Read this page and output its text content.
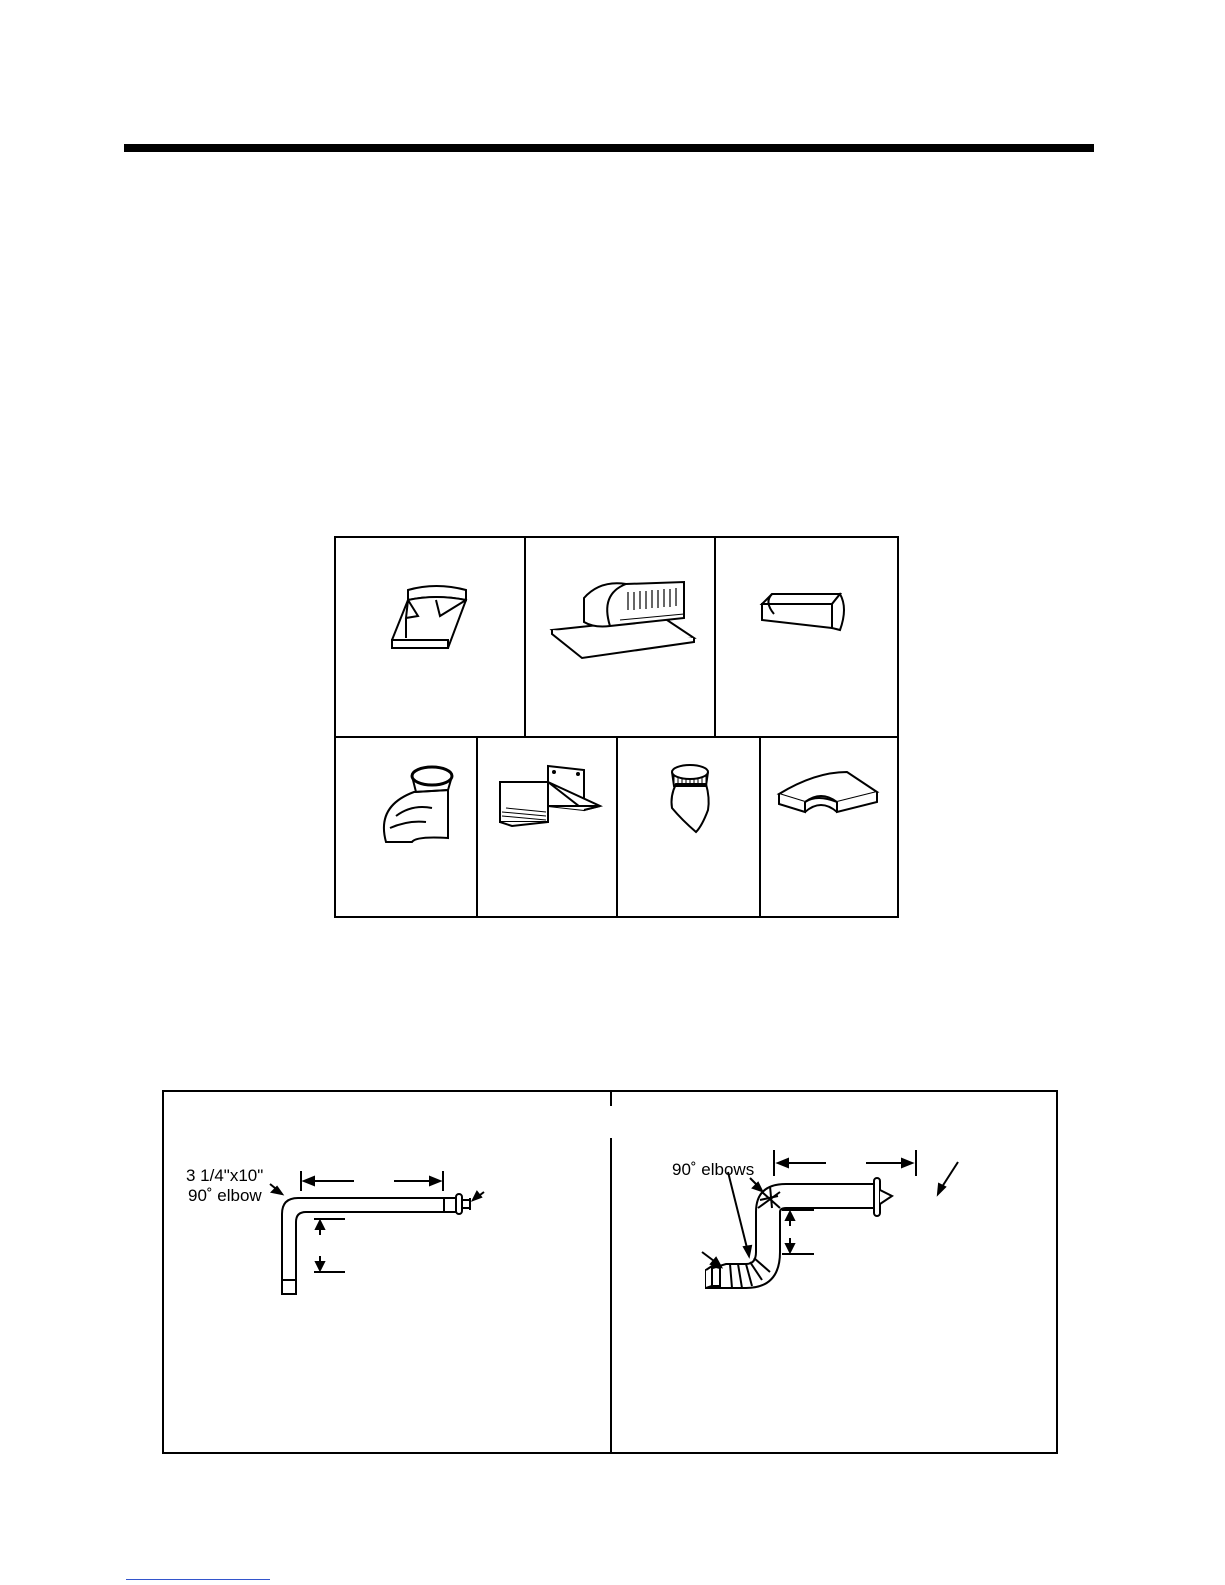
3 1/4"x10"
90˚ elbow
90˚ elbows
